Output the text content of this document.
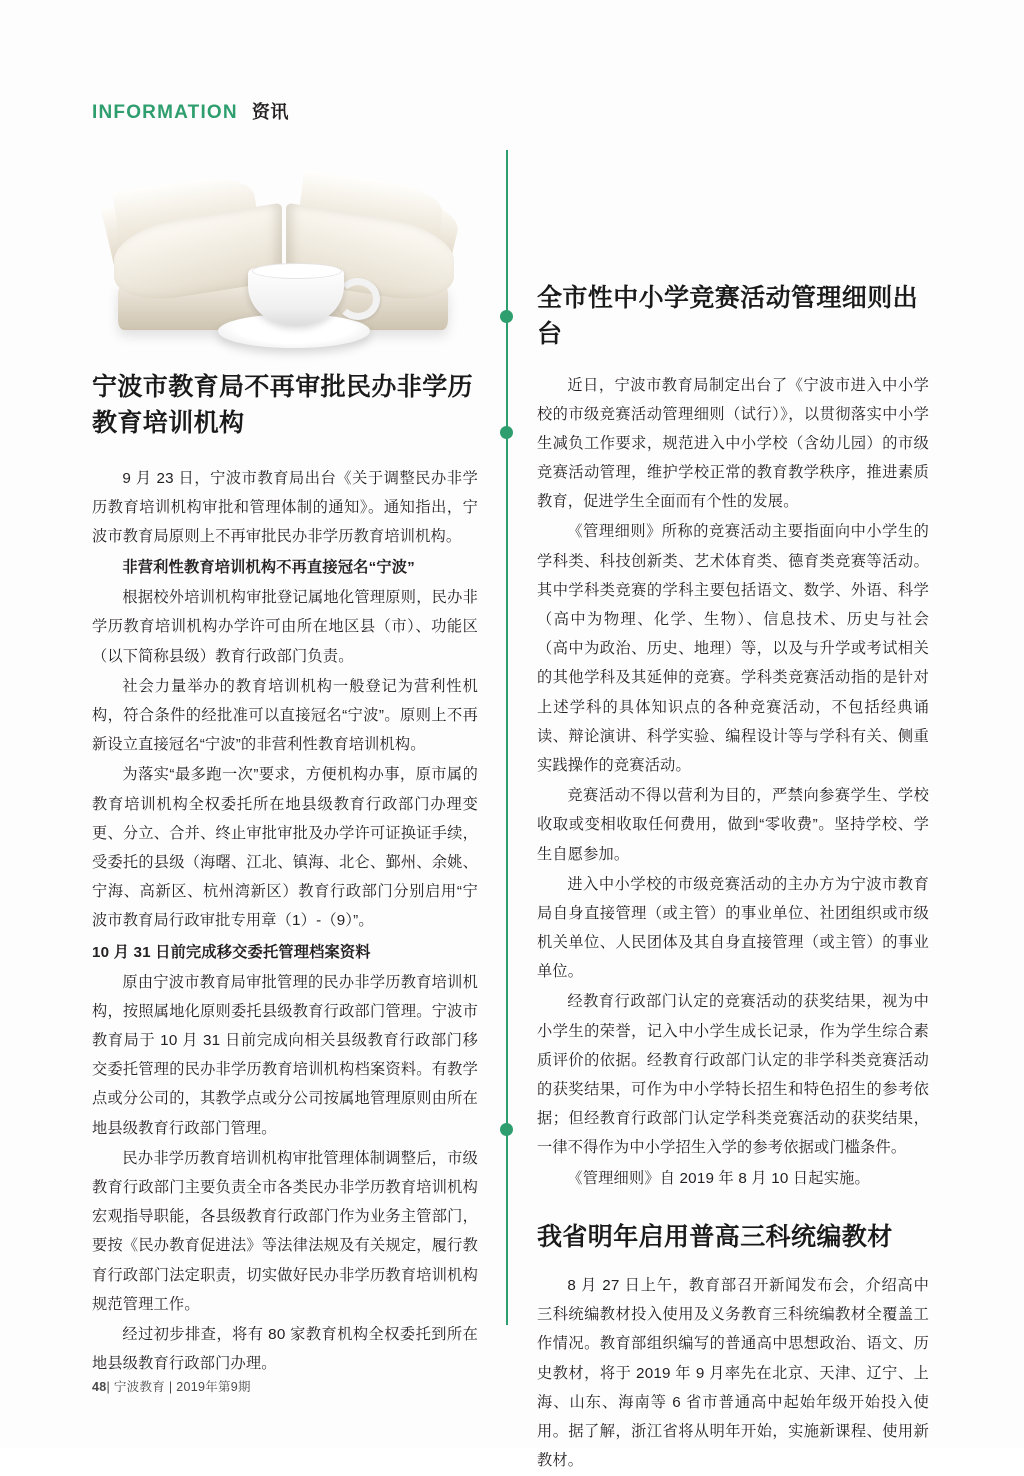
INFORMATION 资讯
宁波市教育局不再审批民办非学历教育培训机构

9 月 23 日，宁波市教育局出台《关于调整民办非学历教育培训机构审批和管理体制的通知》。通知指出，宁波市教育局原则上不再审批民办非学历教育培训机构。

非营利性教育培训机构不再直接冠名“宁波”

根据校外培训机构审批登记属地化管理原则，民办非学历教育培训机构办学许可由所在地区县（市）、功能区（以下简称县级）教育行政部门负责。

社会力量举办的教育培训机构一般登记为营利性机构，符合条件的经批准可以直接冠名“宁波”。原则上不再新设立直接冠名“宁波”的非营利性教育培训机构。

为落实“最多跑一次”要求，方便机构办事，原市属的教育培训机构全权委托所在地县级教育行政部门办理变更、分立、合并、终止审批审批及办学许可证换证手续，受委托的县级（海曙、江北、镇海、北仑、鄞州、余姚、宁海、高新区、杭州湾新区）教育行政部门分别启用“宁波市教育局行政审批专用章（1）-（9）”。

10 月 31 日前完成移交委托管理档案资料

原由宁波市教育局审批管理的民办非学历教育培训机构，按照属地化原则委托县级教育行政部门管理。宁波市教育局于 10 月 31 日前完成向相关县级教育行政部门移交委托管理的民办非学历教育培训机构档案资料。有教学点或分公司的，其教学点或分公司按属地管理原则由所在地县级教育行政部门管理。

民办非学历教育培训机构审批管理体制调整后，市级教育行政部门主要负责全市各类民办非学历教育培训机构宏观指导职能，各县级教育行政部门作为业务主管部门，要按《民办教育促进法》等法律法规及有关规定，履行教育行政部门法定职责，切实做好民办非学历教育培训机构规范管理工作。

经过初步排查，将有 80 家教育机构全权委托到所在地县级教育行政部门办理。

全市性中小学竞赛活动管理细则出台

近日，宁波市教育局制定出台了《宁波市进入中小学校的市级竞赛活动管理细则（试行）》，以贯彻落实中小学生减负工作要求，规范进入中小学校（含幼儿园）的市级竞赛活动管理，维护学校正常的教育教学秩序，推进素质教育，促进学生全面而有个性的发展。

《管理细则》所称的竞赛活动主要指面向中小学生的学科类、科技创新类、艺术体育类、德育类竞赛等活动。其中学科类竞赛的学科主要包括语文、数学、外语、科学（高中为物理、化学、生物）、信息技术、历史与社会（高中为政治、历史、地理）等，以及与升学或考试相关的其他学科及其延伸的竞赛。学科类竞赛活动指的是针对上述学科的具体知识点的各种竞赛活动，不包括经典诵读、辩论演讲、科学实验、编程设计等与学科有关、侧重实践操作的竞赛活动。

竞赛活动不得以营利为目的，严禁向参赛学生、学校收取或变相收取任何费用，做到“零收费”。坚持学校、学生自愿参加。

进入中小学校的市级竞赛活动的主办方为宁波市教育局自身直接管理（或主管）的事业单位、社团组织或市级机关单位、人民团体及其自身直接管理（或主管）的事业单位。

经教育行政部门认定的竞赛活动的获奖结果，视为中小学生的荣誉，记入中小学生成长记录，作为学生综合素质评价的依据。经教育行政部门认定的非学科类竞赛活动的获奖结果，可作为中小学特长招生和特色招生的参考依据；但经教育行政部门认定学科类竞赛活动的获奖结果，一律不得作为中小学招生入学的参考依据或门槛条件。

《管理细则》自 2019 年 8 月 10 日起实施。

我省明年启用普高三科统编教材

8 月 27 日上午，教育部召开新闻发布会，介绍高中三科统编教材投入使用及义务教育三科统编教材全覆盖工作情况。教育部组织编写的普通高中思想政治、语文、历史教材，将于 2019 年 9 月率先在北京、天津、辽宁、上海、山东、海南等 6 省市普通高中起始年级开始投入使用。据了解，浙江省将从明年开始，实施新课程、使用新教材。

48| 宁波教育 | 2019年第9期
